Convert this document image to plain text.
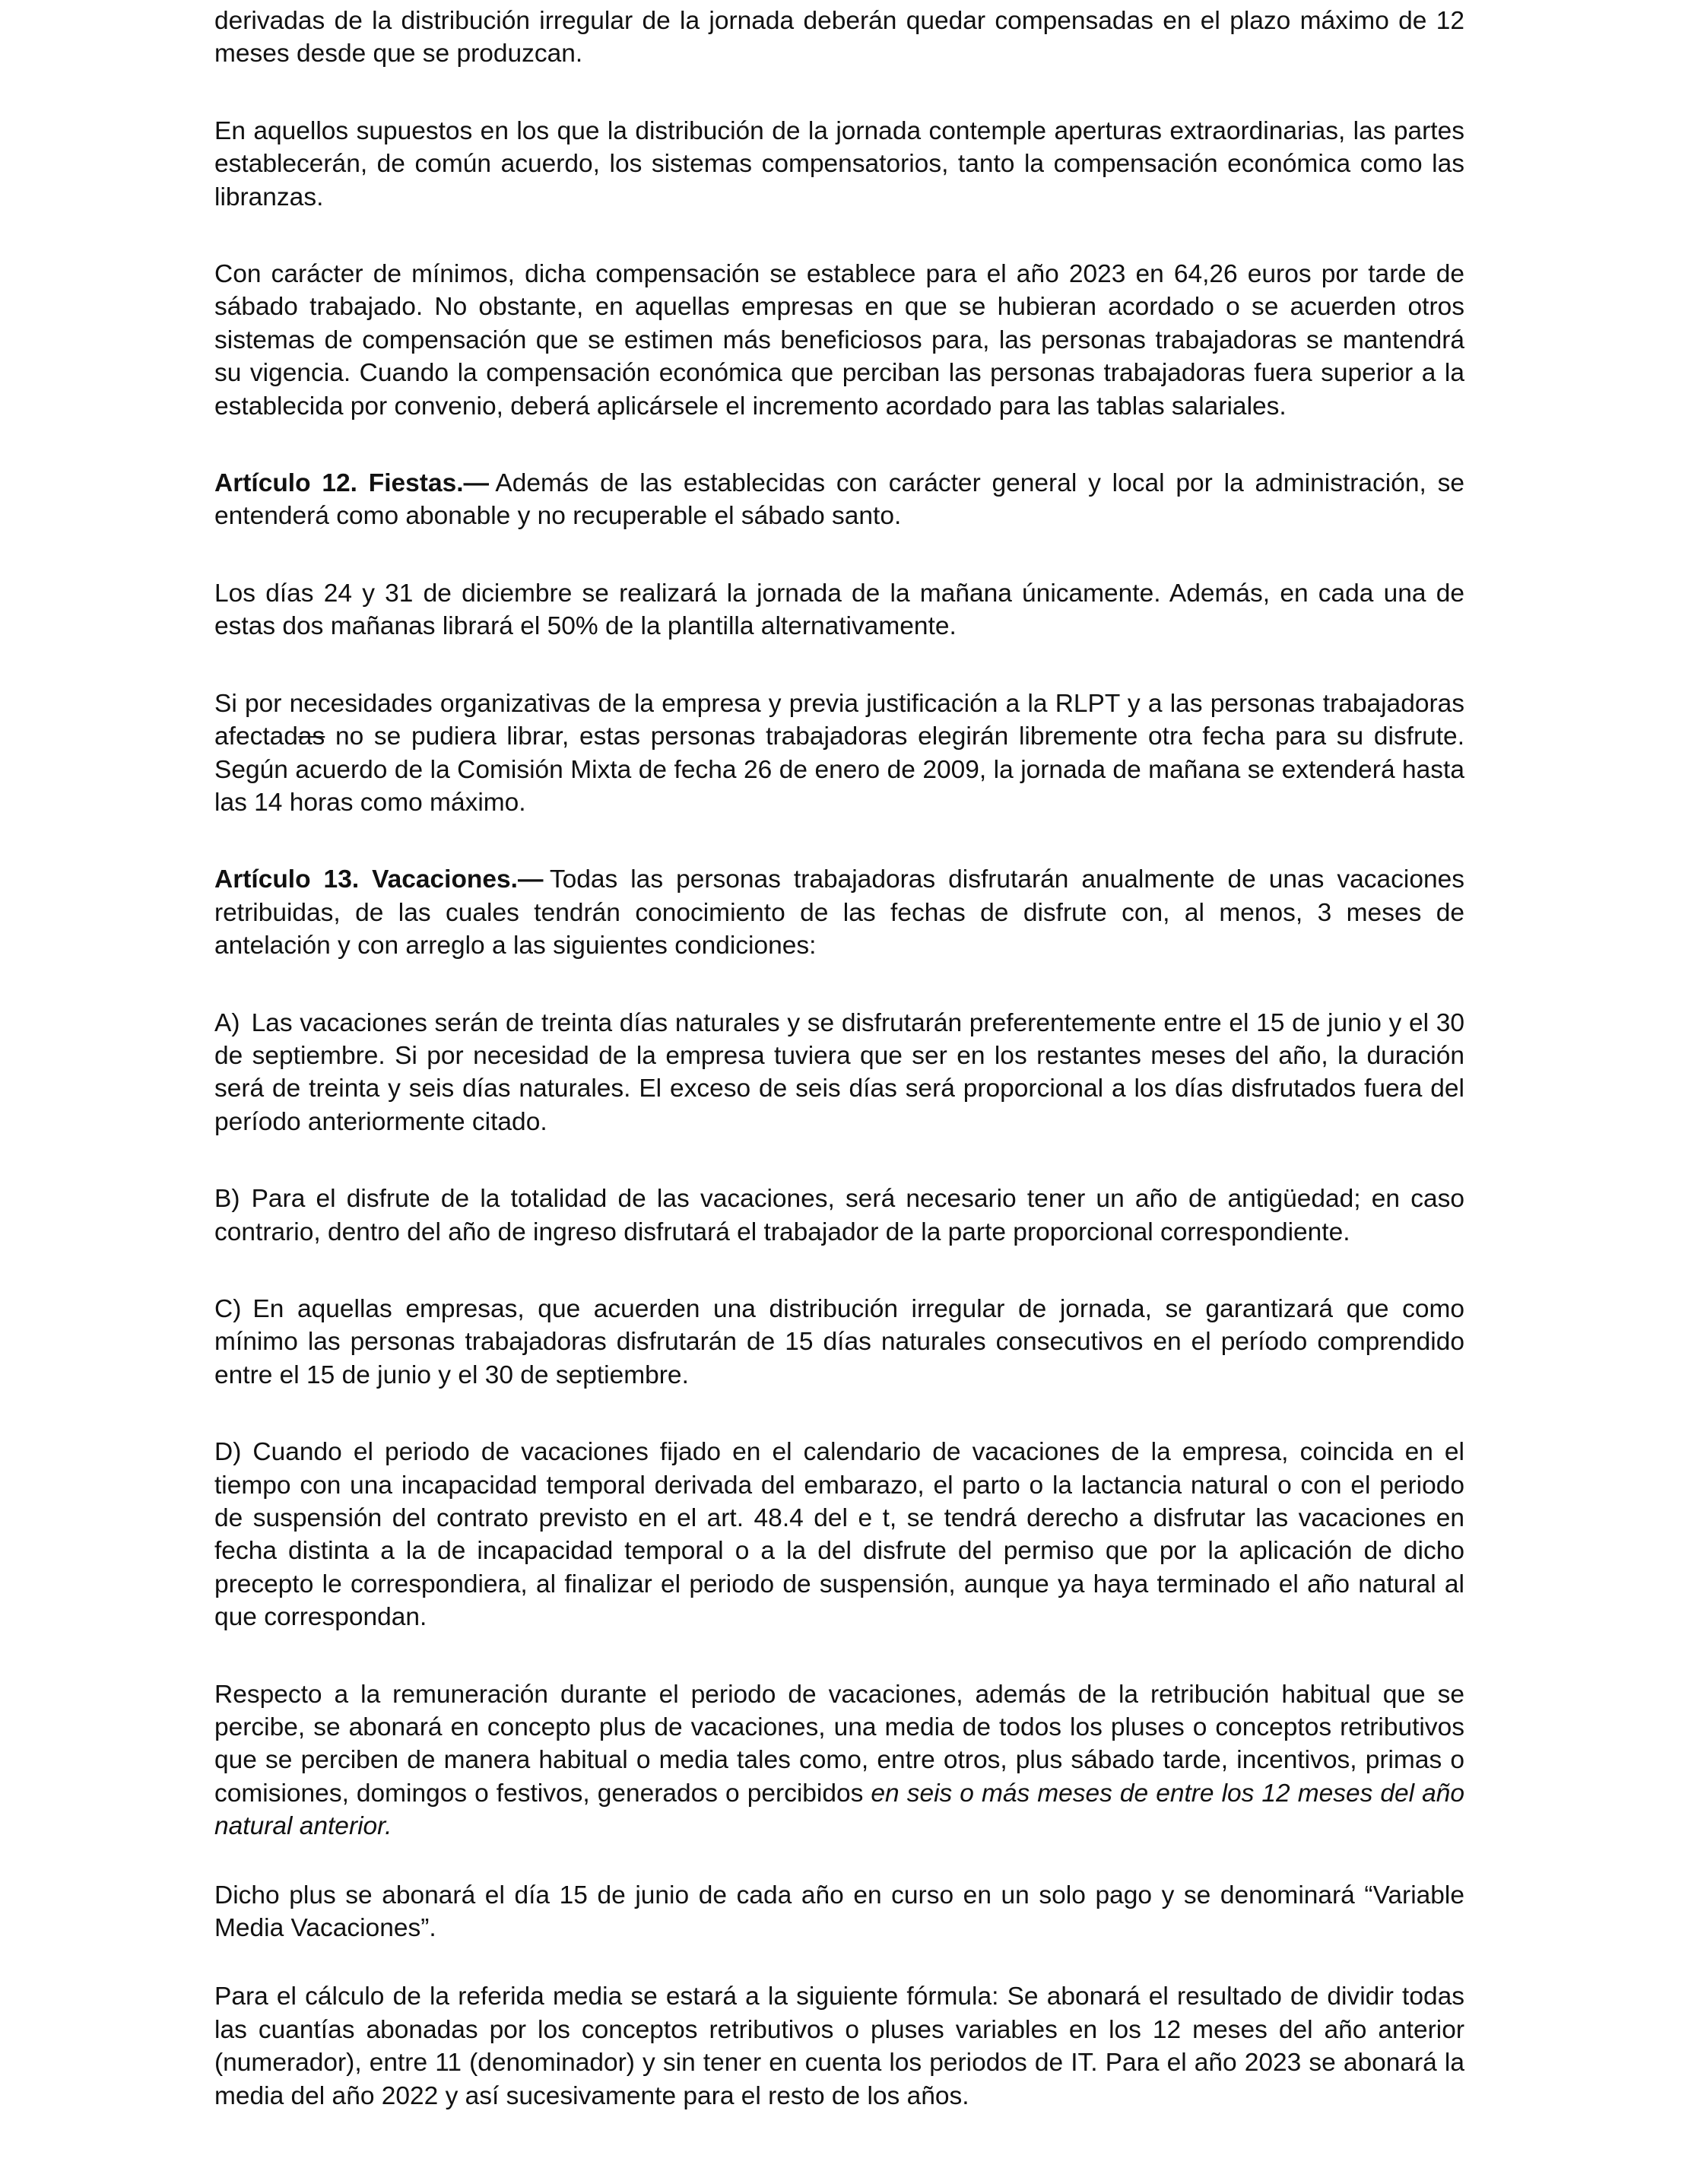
derivadas de la distribución irregular de la jornada deberán quedar compensadas en el plazo máximo de 12 meses desde que se produzcan.

En aquellos supuestos en los que la distribución de la jornada contemple aperturas extraordinarias, las partes establecerán, de común acuerdo, los sistemas compensatorios, tanto la compensación económica como las libranzas.

Con carácter de mínimos, dicha compensación se establece para el año 2023 en 64,26 euros por tarde de sábado trabajado. No obstante, en aquellas empresas en que se hubieran acordado o se acuerden otros sistemas de compensación que se estimen más beneficiosos para, las personas trabajadoras se mantendrá su vigencia. Cuando la compensación económica que perciban las personas trabajadoras fuera superior a la establecida por convenio, deberá aplicársele el incremento acordado para las tablas salariales.

Artículo 12. Fiestas.— Además de las establecidas con carácter general y local por la administración, se entenderá como abonable y no recuperable el sábado santo.

Los días 24 y 31 de diciembre se realizará la jornada de la mañana únicamente. Además, en cada una de estas dos mañanas librará el 50% de la plantilla alternativamente.

Si por necesidades organizativas de la empresa y previa justificación a la RLPT y a las personas trabajadoras afectadas no se pudiera librar, estas personas trabajadoras elegirán libremente otra fecha para su disfrute. Según acuerdo de la Comisión Mixta de fecha 26 de enero de 2009, la jornada de mañana se extenderá hasta las 14 horas como máximo.

Artículo 13. Vacaciones.— Todas las personas trabajadoras disfrutarán anualmente de unas vacaciones retribuidas, de las cuales tendrán conocimiento de las fechas de disfrute con, al menos, 3 meses de antelación y con arreglo a las siguientes condiciones:

A) Las vacaciones serán de treinta días naturales y se disfrutarán preferentemente entre el 15 de junio y el 30 de septiembre. Si por necesidad de la empresa tuviera que ser en los restantes meses del año, la duración será de treinta y seis días naturales. El exceso de seis días será proporcional a los días disfrutados fuera del período anteriormente citado.

B) Para el disfrute de la totalidad de las vacaciones, será necesario tener un año de antigüedad; en caso contrario, dentro del año de ingreso disfrutará el trabajador de la parte proporcional correspondiente.

C) En aquellas empresas, que acuerden una distribución irregular de jornada, se garantizará que como mínimo las personas trabajadoras disfrutarán de 15 días naturales consecutivos en el período comprendido entre el 15 de junio y el 30 de septiembre.

D) Cuando el periodo de vacaciones fijado en el calendario de vacaciones de la empresa, coincida en el tiempo con una incapacidad temporal derivada del embarazo, el parto o la lactancia natural o con el periodo de suspensión del contrato previsto en el art. 48.4 del e t, se tendrá derecho a disfrutar las vacaciones en fecha distinta a la de incapacidad temporal o a la del disfrute del permiso que por la aplicación de dicho precepto le correspondiera, al finalizar el periodo de suspensión, aunque ya haya terminado el año natural al que correspondan.

Respecto a la remuneración durante el periodo de vacaciones, además de la retribución habitual que se percibe, se abonará en concepto plus de vacaciones, una media de todos los pluses o conceptos retributivos que se perciben de manera habitual o media tales como, entre otros, plus sábado tarde, incentivos, primas o comisiones, domingos o festivos, generados o percibidos en seis o más meses de entre los 12 meses del año natural anterior.

Dicho plus se abonará el día 15 de junio de cada año en curso en un solo pago y se denominará “Variable Media Vacaciones”.

Para el cálculo de la referida media se estará a la siguiente fórmula: Se abonará el resultado de dividir todas las cuantías abonadas por los conceptos retributivos o pluses variables en los 12 meses del año anterior (numerador), entre 11 (denominador) y sin tener en cuenta los periodos de IT. Para el año 2023 se abonará la media del año 2022 y así sucesivamente para el resto de los años.
